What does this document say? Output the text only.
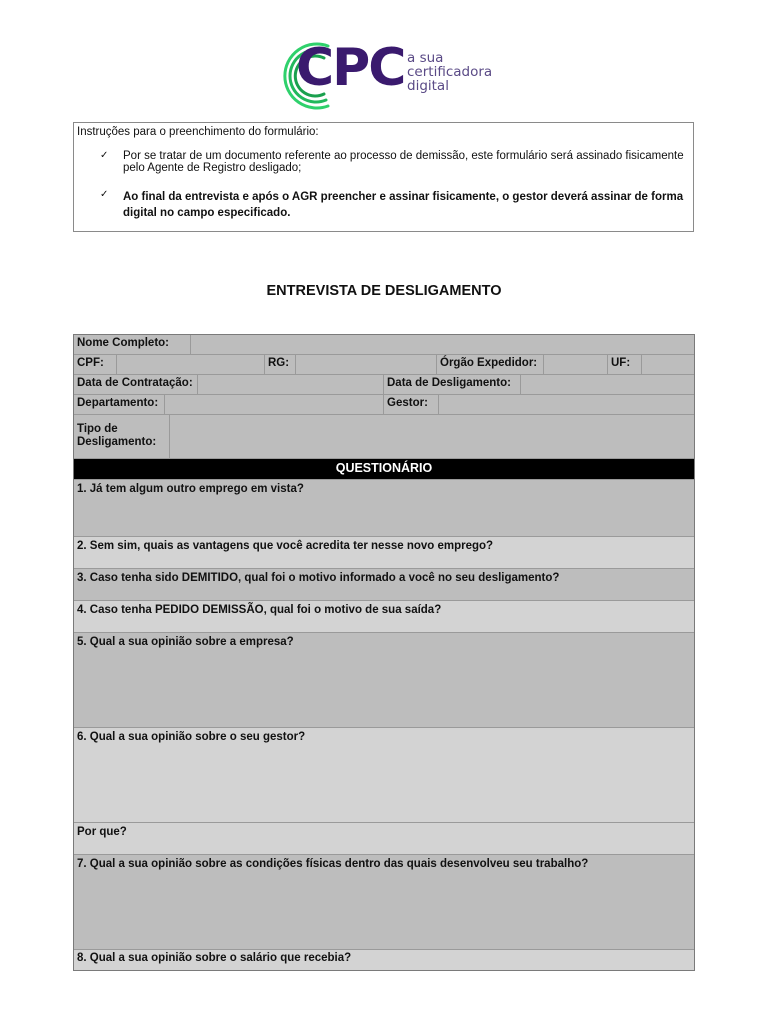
CPC a sua
certificadora
digital
Instruções para o preenchimento do formulário:
✓ Por se tratar de um documento referente ao processo de demissão, este formulário será assinado fisicamente pelo Agente de Registro desligado;
✓ Ao final da entrevista e após o AGR preencher e assinar fisicamente, o gestor deverá assinar de forma digital no campo especificado.
ENTREVISTA DE DESLIGAMENTO
Nome Completo:
CPF:	RG:	Órgão Expedidor:	UF:
Data de Contratação:	Data de Desligamento:
Departamento:	Gestor:
Tipo de Desligamento:
QUESTIONÁRIO
1. Já tem algum outro emprego em vista?
2. Sem sim, quais as vantagens que você acredita ter nesse novo emprego?
3. Caso tenha sido DEMITIDO, qual foi o motivo informado a você no seu desligamento?
4. Caso tenha PEDIDO DEMISSÃO, qual foi o motivo de sua saída?
5. Qual a sua opinião sobre a empresa?
6. Qual a sua opinião sobre o seu gestor?
Por que?
7. Qual a sua opinião sobre as condições físicas dentro das quais desenvolveu seu trabalho?
8. Qual a sua opinião sobre o salário que recebia?
